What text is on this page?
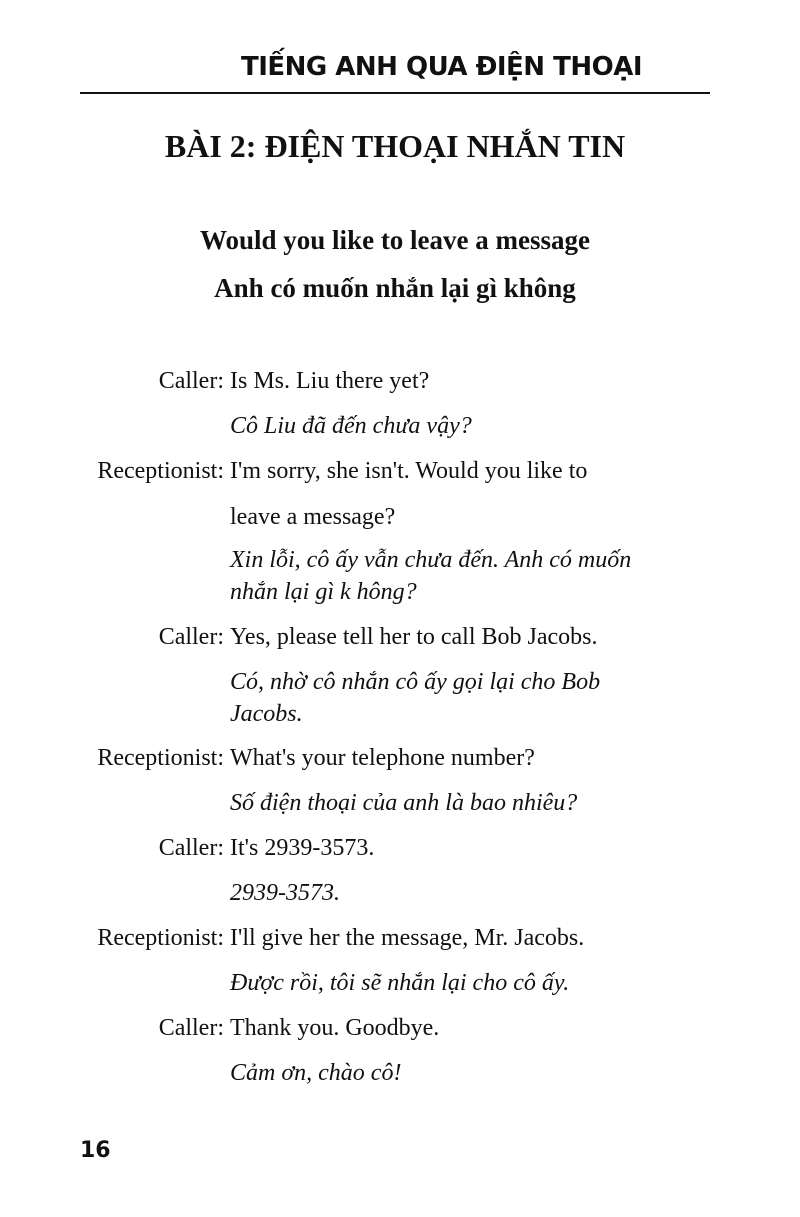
TIẾNG ANH QUA ĐIỆN THOẠI
BÀI 2: ĐIỆN THOẠI NHẮN TIN
Would you like to leave a message
Anh có muốn nhắn lại gì không
Caller: Is Ms. Liu there yet?
Cô Liu đã đến chưa vậy?
Receptionist: I'm sorry, she isn't. Would you like to
leave a message?
Xin lỗi, cô ấy vẫn chưa đến. Anh có muốn
nhắn lại gì k hông?
Caller: Yes, please tell her to call Bob Jacobs.
Có, nhờ cô nhắn cô ấy gọi lại cho Bob
Jacobs.
Receptionist: What's your telephone number?
Số điện thoại của anh là bao nhiêu?
Caller: It's 2939-3573.
2939-3573.
Receptionist: I'll give her the message, Mr. Jacobs.
Được rồi, tôi sẽ nhắn lại cho cô ấy.
Caller: Thank you. Goodbye.
Cảm ơn, chào cô!
16
